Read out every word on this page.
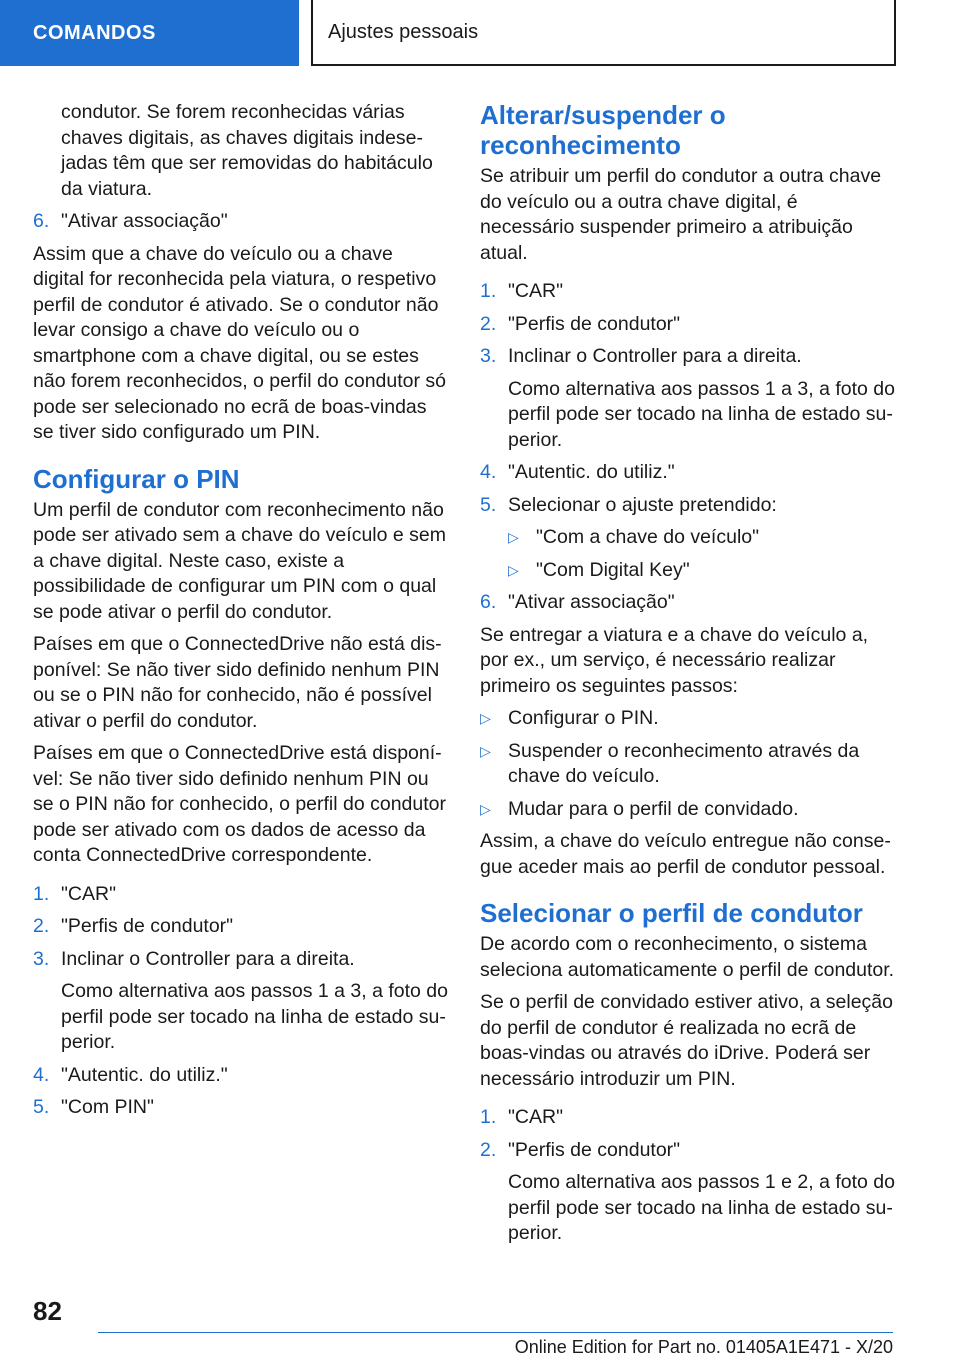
COMANDOS	Ajustes pessoais
condutor. Se forem reconhecidas várias chaves digitais, as chaves digitais indesejadas têm que ser removidas do habitáculo da viatura.
6. "Ativar associação"
Assim que a chave do veículo ou a chave digital for reconhecida pela viatura, o respetivo perfil de condutor é ativado. Se o condutor não levar consigo a chave do veículo ou o smartphone com a chave digital, ou se estes não forem reconhecidos, o perfil do condutor só pode ser selecionado no ecrã de boas-vindas se tiver sido configurado um PIN.
Configurar o PIN
Um perfil de condutor com reconhecimento não pode ser ativado sem a chave do veículo e sem a chave digital. Neste caso, existe a possibilidade de configurar um PIN com o qual se pode ativar o perfil do condutor.
Países em que o ConnectedDrive não está disponível: Se não tiver sido definido nenhum PIN ou se o PIN não for conhecido, não é possível ativar o perfil do condutor.
Países em que o ConnectedDrive está disponível: Se não tiver sido definido nenhum PIN ou se o PIN não for conhecido, o perfil do condutor pode ser ativado com os dados de acesso da conta ConnectedDrive correspondente.
1. "CAR"
2. "Perfis de condutor"
3. Inclinar o Controller para a direita.
Como alternativa aos passos 1 a 3, a foto do perfil pode ser tocado na linha de estado superior.
4. "Autentic. do utiliz."
5. "Com PIN"
Alterar/suspender o reconhecimento
Se atribuir um perfil do condutor a outra chave do veículo ou a outra chave digital, é necessário suspender primeiro a atribuição atual.
1. "CAR"
2. "Perfis de condutor"
3. Inclinar o Controller para a direita.
Como alternativa aos passos 1 a 3, a foto do perfil pode ser tocado na linha de estado superior.
4. "Autentic. do utiliz."
5. Selecionar o ajuste pretendido:
▷ "Com a chave do veículo"
▷ "Com Digital Key"
6. "Ativar associação"
Se entregar a viatura e a chave do veículo a, por ex., um serviço, é necessário realizar primeiro os seguintes passos:
▷ Configurar o PIN.
▷ Suspender o reconhecimento através da chave do veículo.
▷ Mudar para o perfil de convidado.
Assim, a chave do veículo entregue não consegue aceder mais ao perfil de condutor pessoal.
Selecionar o perfil de condutor
De acordo com o reconhecimento, o sistema seleciona automaticamente o perfil de condutor.
Se o perfil de convidado estiver ativo, a seleção do perfil de condutor é realizada no ecrã de boas-vindas ou através do iDrive. Poderá ser necessário introduzir um PIN.
1. "CAR"
2. "Perfis de condutor"
Como alternativa aos passos 1 e 2, a foto do perfil pode ser tocado na linha de estado superior.
82
Online Edition for Part no. 01405A1E471 - X/20
